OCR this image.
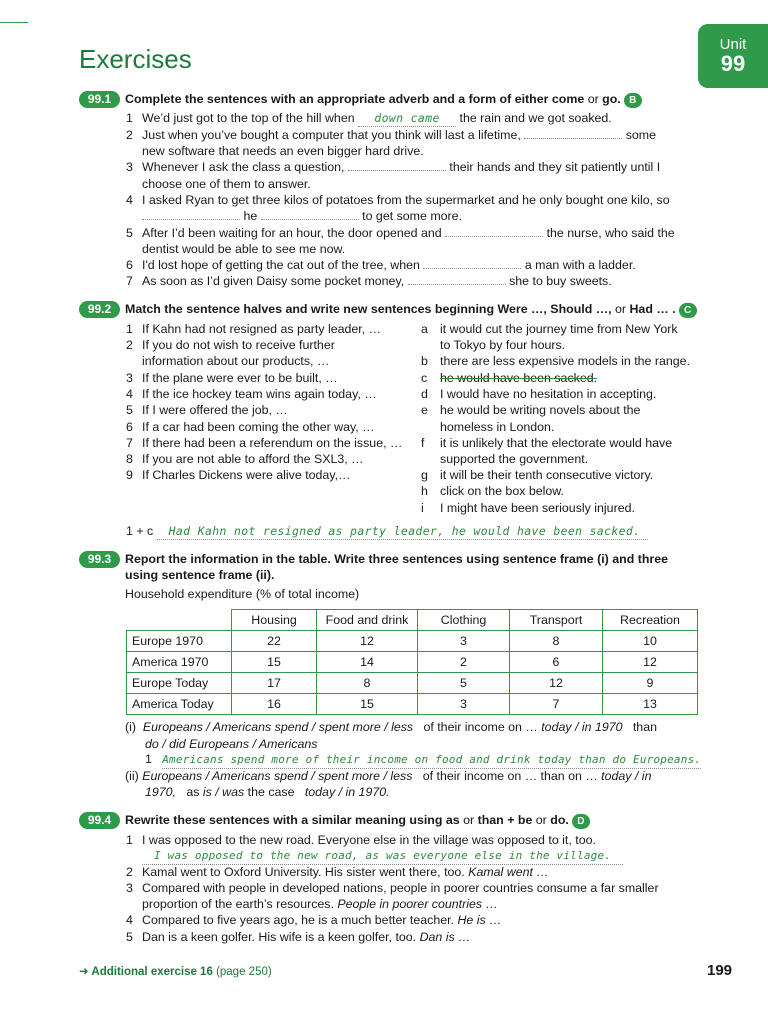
Unit
99
Exercises
99.1	Complete the sentences with an appropriate adverb and a form of either come or go. B
1 We’d just got to the top of the hill when down came the rain and we got soaked.
2 Just when you’ve bought a computer that you think will last a lifetime,	some
new software that needs an even bigger hard drive.
3 Whenever I ask the class a question,	their hands and they sit patiently until I
choose one of them to answer.
4 I asked Ryan to get three kilos of potatoes from the supermarket and he only bought one kilo, so
he	to get some more.
5 After I’d been waiting for an hour, the door opened and	the nurse, who said the
dentist would be able to see me now.
6 I'd lost hope of getting the cat out of the tree, when	a man with a ladder.
7 As soon as I’d given Daisy some pocket money,	she to buy sweets.
99.2	Match the sentence halves and write new sentences beginning Were …, Should …, or Had … . C
1 If Kahn had not resigned as party leader, …
2 If you do not wish to receive further
information about our products, …
3 If the plane were ever to be built, …
4 If the ice hockey team wins again today, …
5 If I were offered the job, …
6 If a car had been coming the other way, …
7 If there had been a referendum on the issue, …
8 If you are not able to afford the SXL3, …
9 If Charles Dickens were alive today,…
a it would cut the journey time from New York
to Tokyo by four hours.
b there are less expensive models in the range.
c he would have been sacked.
d I would have no hesitation in accepting.
e he would be writing novels about the
homeless in London.
f it is unlikely that the electorate would have
supported the government.
g it will be their tenth consecutive victory.
h click on the box below.
i I might have been seriously injured.
1 + c Had Kahn not resigned as party leader, he would have been sacked.
99.3	Report the information in the table. Write three sentences using sentence frame (i) and three
using sentence frame (ii).
Household expenditure (% of total income)
	Housing	Food and drink	Clothing	Transport	Recreation
Europe 1970	22	12	3	8	10
America 1970	15	14	2	6	12
Europe Today	17	8	5	12	9
America Today	16	15	3	7	13
(i) Europeans / Americans spend / spent more / less of their income on … today / in 1970 than
do / did Europeans / Americans
1 Americans spend more of their income on food and drink today than do Europeans.
(ii) Europeans / Americans spend / spent more / less of their income on … than on … today / in
1970, as is / was the case today / in 1970.
99.4	Rewrite these sentences with a similar meaning using as or than + be or do. D
1 I was opposed to the new road. Everyone else in the village was opposed to it, too.
I was opposed to the new road, as was everyone else in the village.
2 Kamal went to Oxford University. His sister went there, too. Kamal went …
3 Compared with people in developed nations, people in poorer countries consume a far smaller
proportion of the earth’s resources. People in poorer countries …
4 Compared to five years ago, he is a much better teacher. He is …
5 Dan is a keen golfer. His wife is a keen golfer, too. Dan is …
➜ Additional exercise 16 (page 250)	199
